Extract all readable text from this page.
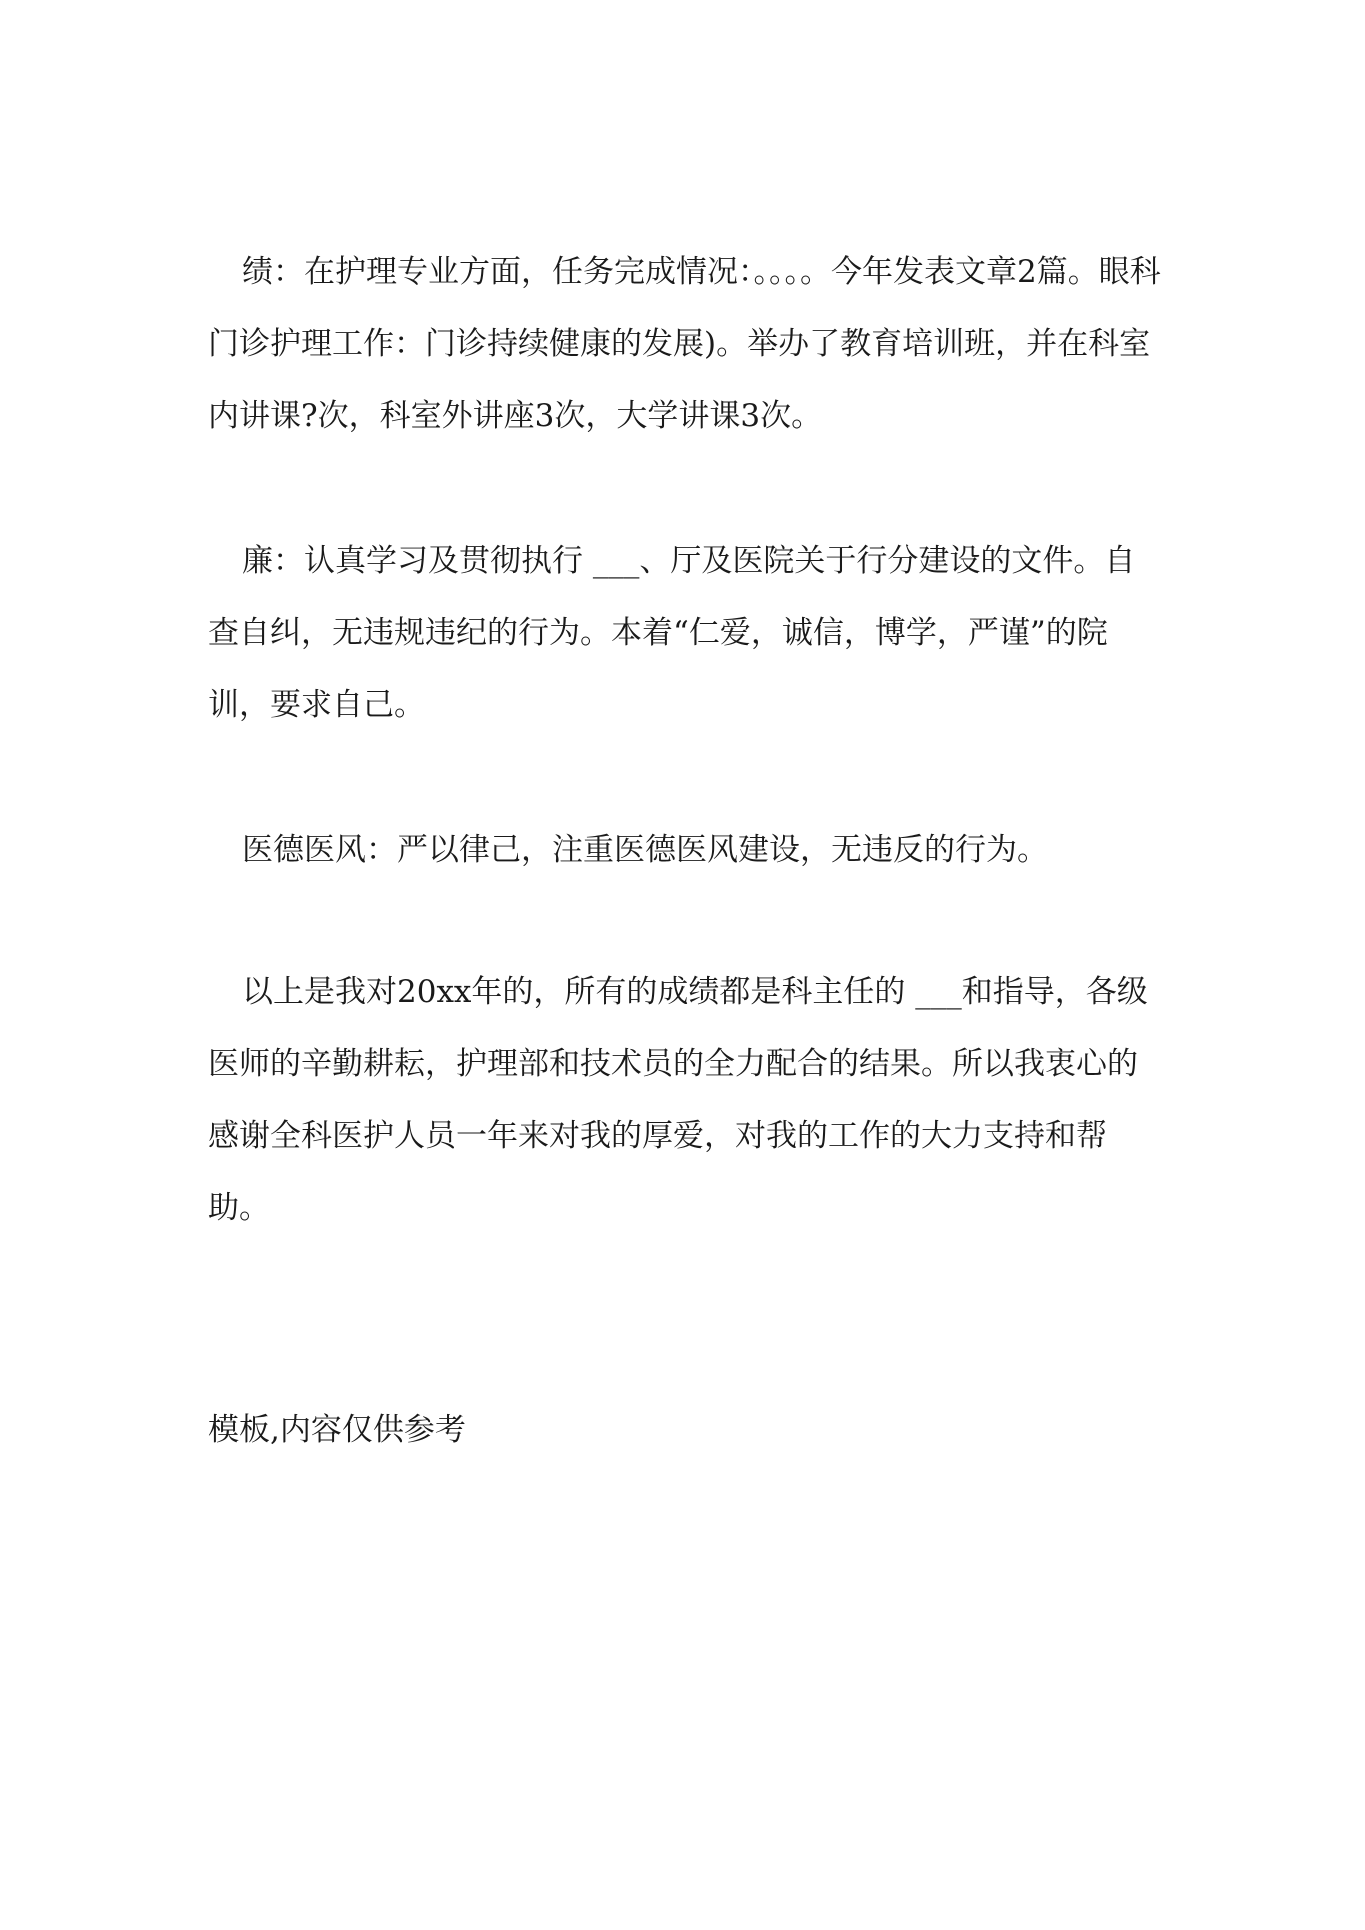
绩：在护理专业方面，任务完成情况：。。。。今年发表文章2篇。眼科门诊护理工作：门诊持续健康的发展)。举办了教育培训班，并在科室内讲课?次，科室外讲座3次，大学讲课3次。

廉：认真学习及贯彻执行 ___、厅及医院关于行分建设的文件。自查自纠，无违规违纪的行为。本着“仁爱，诚信，博学，严谨”的院训，要求自己。

医德医风：严以律己，注重医德医风建设，无违反的行为。

以上是我对20xx年的，所有的成绩都是科主任的 ___和指导，各级医师的辛勤耕耘，护理部和技术员的全力配合的结果。所以我衷心的感谢全科医护人员一年来对我的厚爱，对我的工作的大力支持和帮助。

模板,内容仅供参考
